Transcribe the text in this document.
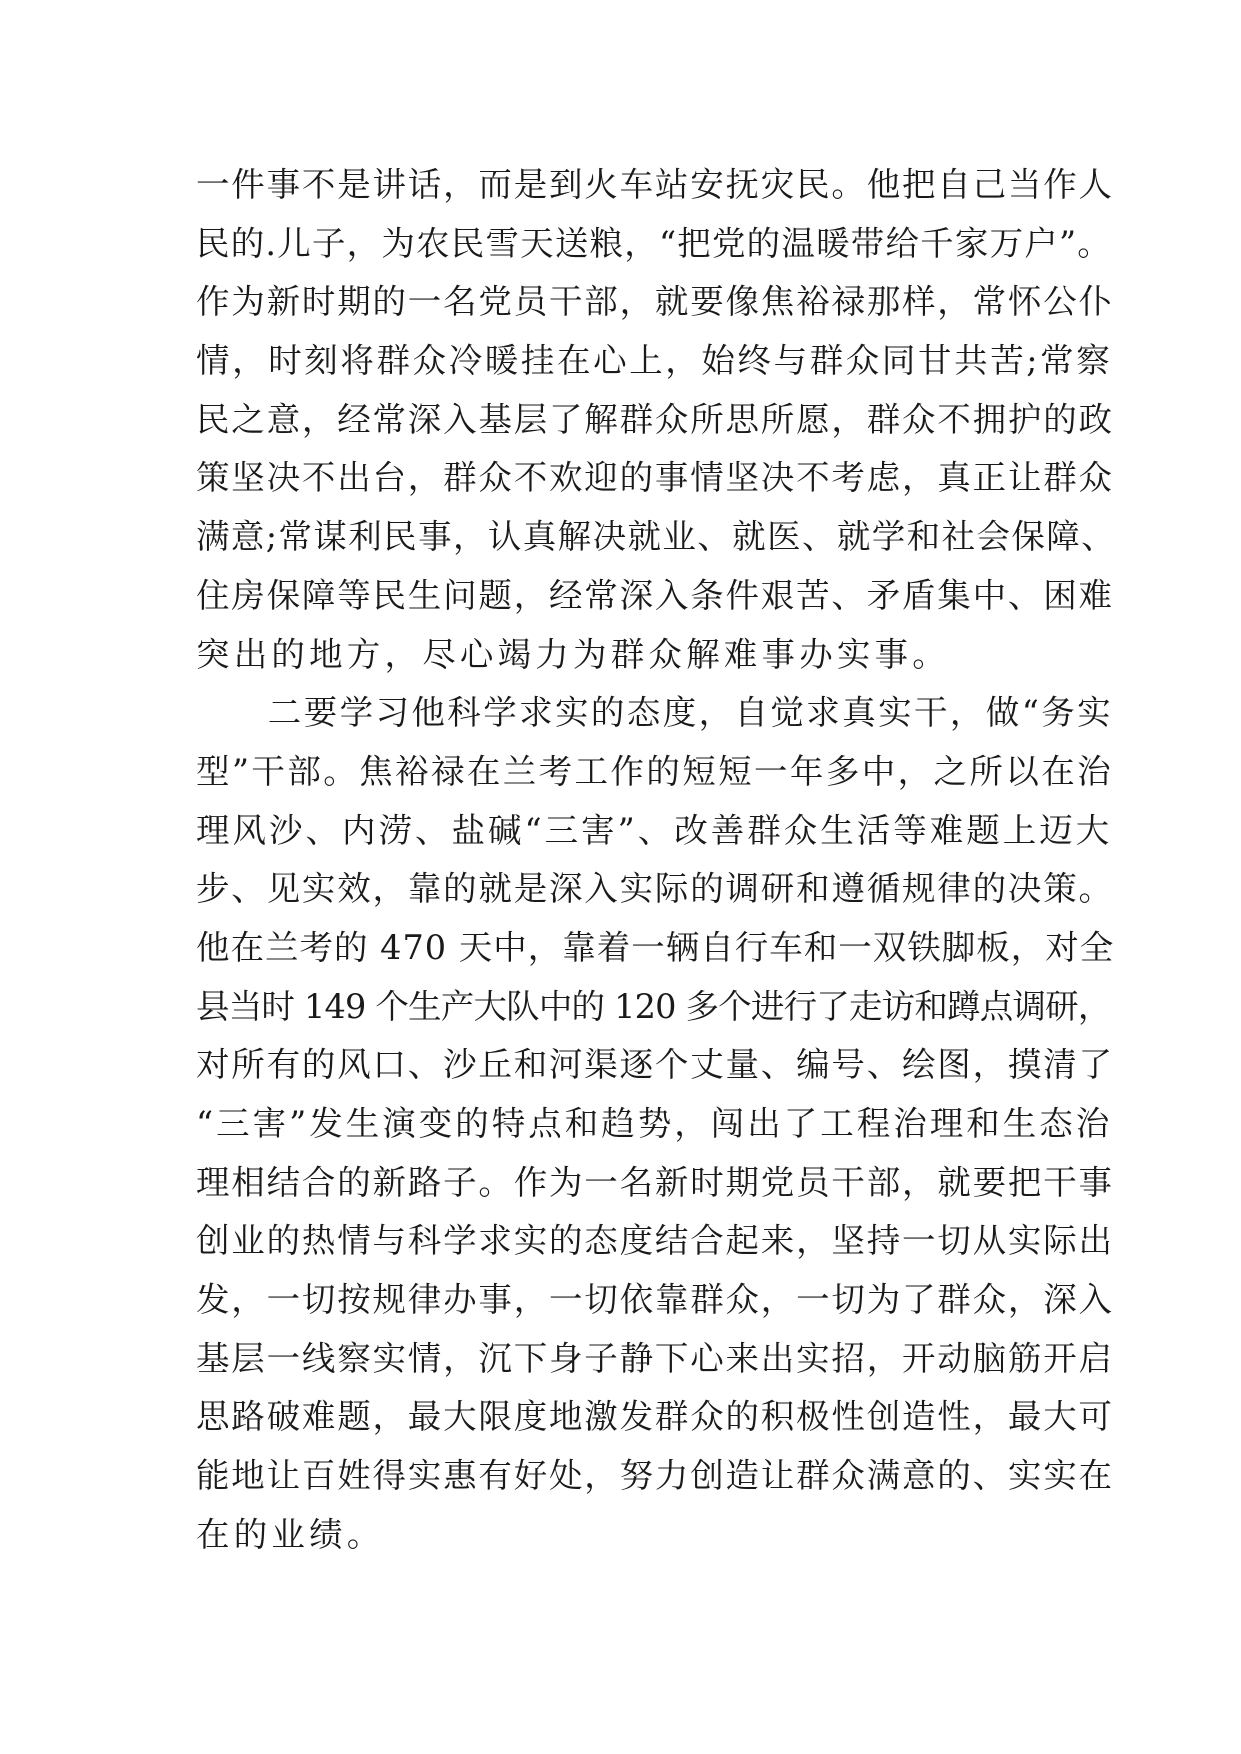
一件事不是讲话，而是到火车站安抚灾民。他把自己当作人
民的.儿子，为农民雪天送粮，“把党的温暖带给千家万户”。
作为新时期的一名党员干部，就要像焦裕禄那样，常怀公仆
情，时刻将群众冷暖挂在心上，始终与群众同甘共苦;常察
民之意，经常深入基层了解群众所思所愿，群众不拥护的政
策坚决不出台，群众不欢迎的事情坚决不考虑，真正让群众
满意;常谋利民事，认真解决就业、就医、就学和社会保障、
住房保障等民生问题，经常深入条件艰苦、矛盾集中、困难
突出的地方，尽心竭力为群众解难事办实事。
　　二要学习他科学求实的态度，自觉求真实干，做“务实
型”干部。焦裕禄在兰考工作的短短一年多中，之所以在治
理风沙、内涝、盐碱“三害”、改善群众生活等难题上迈大
步、见实效，靠的就是深入实际的调研和遵循规律的决策。
他在兰考的 470 天中，靠着一辆自行车和一双铁脚板，对全
县当时 149 个生产大队中的 120 多个进行了走访和蹲点调研，
对所有的风口、沙丘和河渠逐个丈量、编号、绘图，摸清了
“三害”发生演变的特点和趋势，闯出了工程治理和生态治
理相结合的新路子。作为一名新时期党员干部，就要把干事
创业的热情与科学求实的态度结合起来，坚持一切从实际出
发，一切按规律办事，一切依靠群众，一切为了群众，深入
基层一线察实情，沉下身子静下心来出实招，开动脑筋开启
思路破难题，最大限度地激发群众的积极性创造性，最大可
能地让百姓得实惠有好处，努力创造让群众满意的、实实在
在的业绩。
